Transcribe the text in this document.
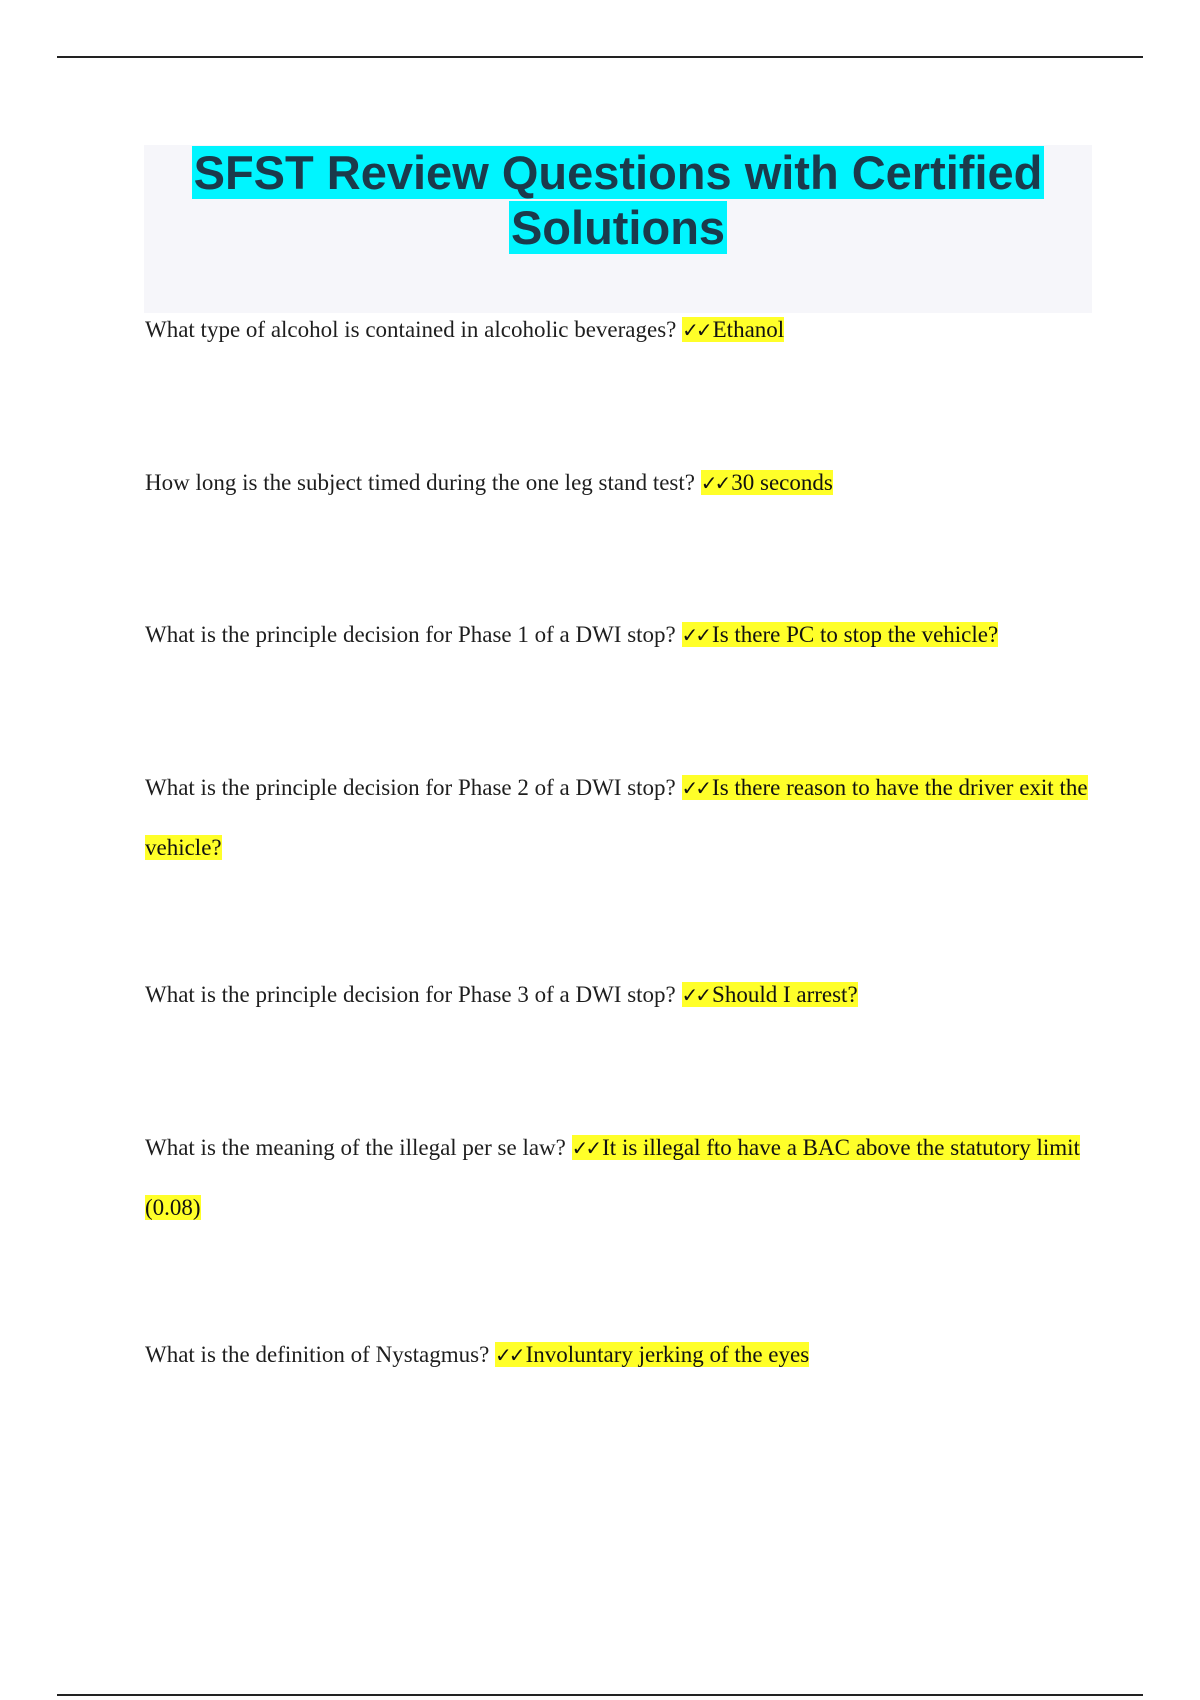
SFST Review Questions with Certified
Solutions

What type of alcohol is contained in alcoholic beverages? ✓✓ Ethanol

How long is the subject timed during the one leg stand test? ✓✓ 30 seconds

What is the principle decision for Phase 1 of a DWI stop? ✓✓ Is there PC to stop the vehicle?

What is the principle decision for Phase 2 of a DWI stop? ✓✓ Is there reason to have the driver exit the vehicle?

What is the principle decision for Phase 3 of a DWI stop? ✓✓ Should I arrest?

What is the meaning of the illegal per se law? ✓✓ It is illegal fto have a BAC above the statutory limit (0.08)

What is the definition of Nystagmus? ✓✓ Involuntary jerking of the eyes
